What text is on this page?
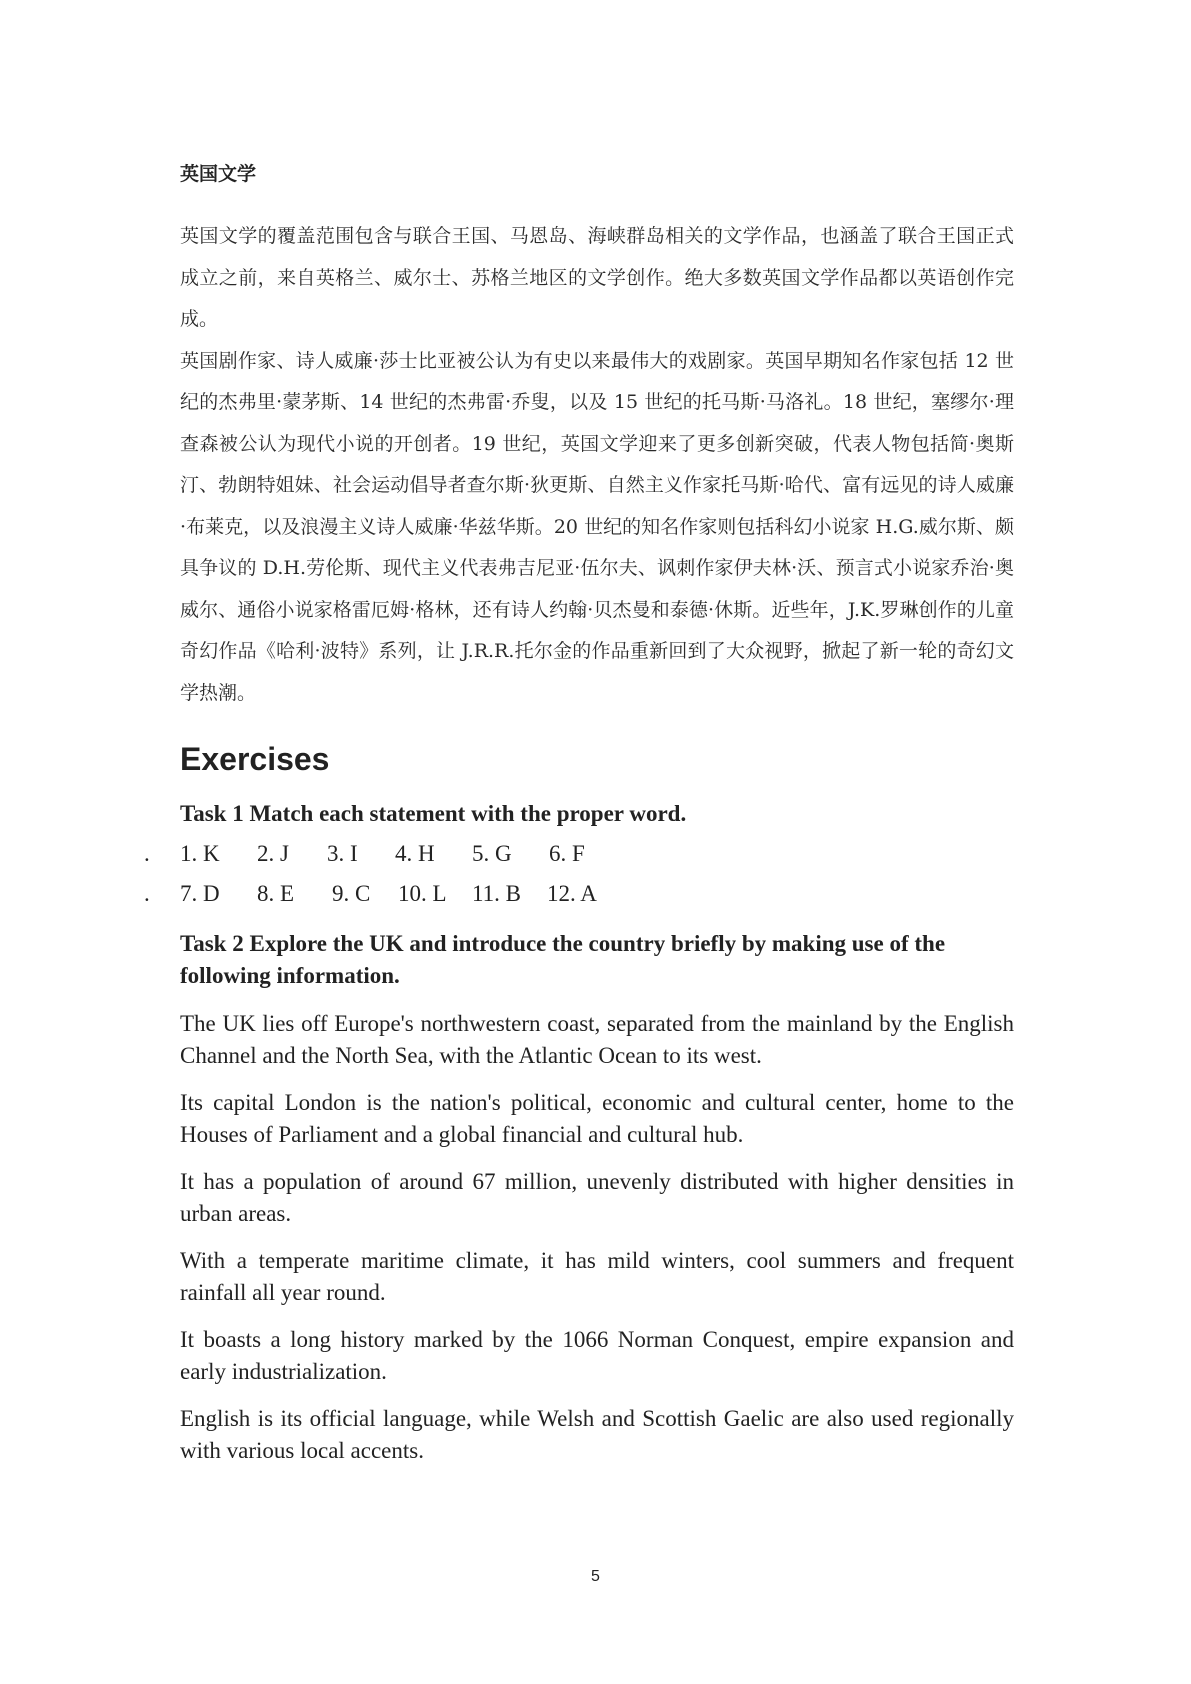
英国文学

英国文学的覆盖范围包含与联合王国、马恩岛、海峡群岛相关的文学作品，也涵盖了联合王国正式成立之前，来自英格兰、威尔士、苏格兰地区的文学创作。绝大多数英国文学作品都以英语创作完成。

英国剧作家、诗人威廉·莎士比亚被公认为有史以来最伟大的戏剧家。英国早期知名作家包括 12 世纪的杰弗里·蒙茅斯、14 世纪的杰弗雷·乔叟，以及 15 世纪的托马斯·马洛礼。18 世纪，塞缪尔·理查森被公认为现代小说的开创者。19 世纪，英国文学迎来了更多创新突破，代表人物包括简·奥斯汀、勃朗特姐妹、社会运动倡导者查尔斯·狄更斯、自然主义作家托马斯·哈代、富有远见的诗人威廉·布莱克，以及浪漫主义诗人威廉·华兹华斯。20 世纪的知名作家则包括科幻小说家 H.G.威尔斯、颇具争议的 D.H.劳伦斯、现代主义代表弗吉尼亚·伍尔夫、讽刺作家伊夫林·沃、预言式小说家乔治·奥威尔、通俗小说家格雷厄姆·格林，还有诗人约翰·贝杰曼和泰德·休斯。近些年，J.K.罗琳创作的儿童奇幻作品《哈利·波特》系列，让 J.R.R.托尔金的作品重新回到了大众视野，掀起了新一轮的奇幻文学热潮。

Exercises
Task 1 Match each statement with the proper word.
. 1. K 2. J 3. I 4. H 5. G 6. F
. 7. D 8. E 9. C 10. L 11. B 12. A
Task 2 Explore the UK and introduce the country briefly by making use of the following information.

The UK lies off Europe's northwestern coast, separated from the mainland by the English Channel and the North Sea, with the Atlantic Ocean to its west.

Its capital London is the nation's political, economic and cultural center, home to the Houses of Parliament and a global financial and cultural hub.

It has a population of around 67 million, unevenly distributed with higher densities in urban areas.

With a temperate maritime climate, it has mild winters, cool summers and frequent rainfall all year round.

It boasts a long history marked by the 1066 Norman Conquest, empire expansion and early industrialization.

English is its official language, while Welsh and Scottish Gaelic are also used regionally with various local accents.

5
